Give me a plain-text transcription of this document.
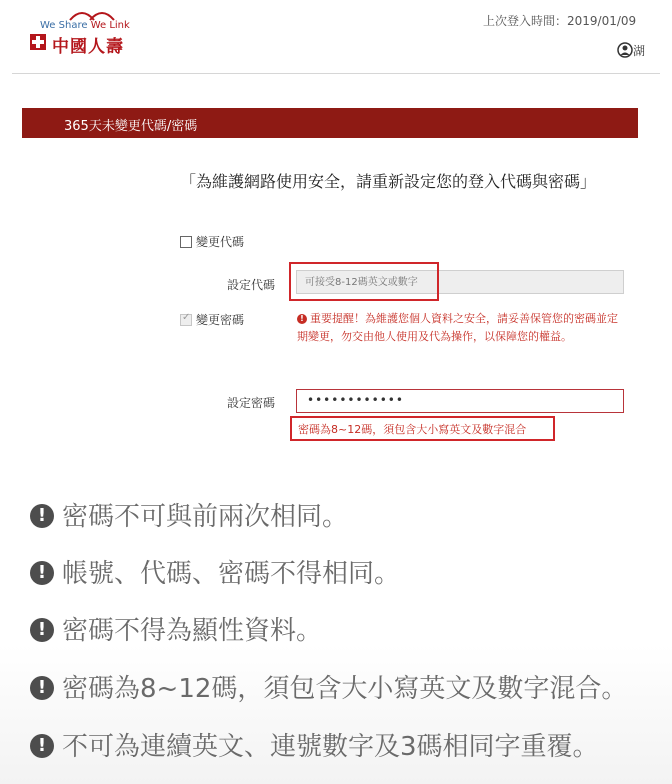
We Share We Link
中國人壽
上次登入時間：2019/01/09
湖
365天未變更代碼/密碼
「為維護網路使用安全，請重新設定您的登入代碼與密碼」
變更代碼
設定代碼
可接受8-12碼英文或數字
✓
變更密碼	! 重要提醒！為維護您個人資料之安全，請妥善保管您的密碼並定期變更，勿交由他人使用及代為操作，以保障您的權益。
設定密碼	••••••••••••
密碼為8~12碼，須包含大小寫英文及數字混合
! 密碼不可與前兩次相同。
! 帳號、代碼、密碼不得相同。
! 密碼不得為顯性資料。
! 密碼為8~12碼，須包含大小寫英文及數字混合。
! 不可為連續英文、連號數字及3碼相同字重覆。
